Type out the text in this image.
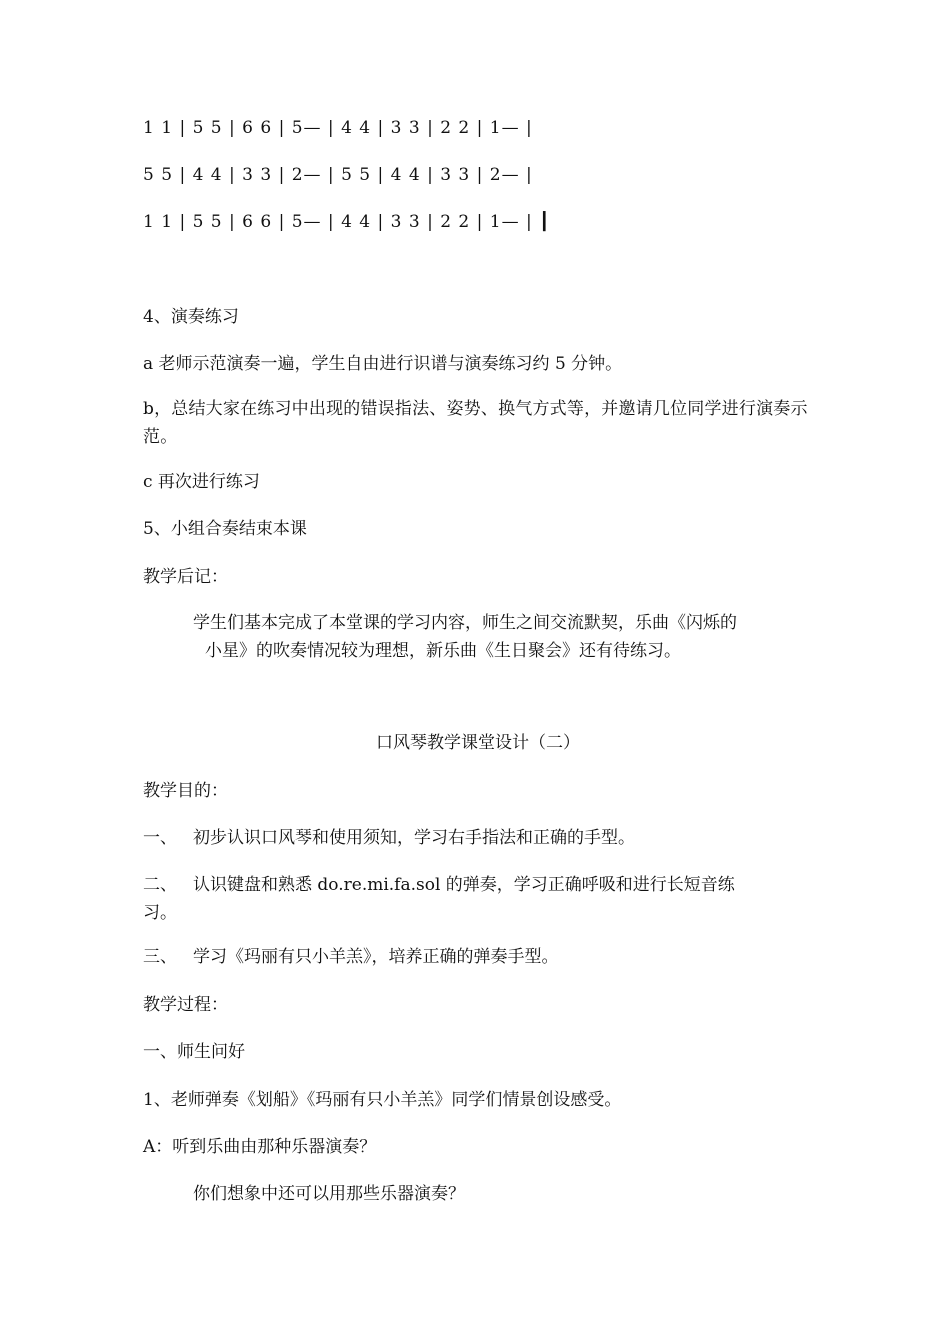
1 1 | 5 5 | 6 6 | 5— | 4 4 | 3 3 | 2 2 | 1— |
5 5 | 4 4 | 3 3 | 2— | 5 5 | 4 4 | 3 3 | 2— |
1 1 | 5 5 | 6 6 | 5— | 4 4 | 3 3 | 2 2 | 1— | ┃
4、演奏练习
a 老师示范演奏一遍，学生自由进行识谱与演奏练习约 5 分钟。
b，总结大家在练习中出现的错误指法、姿势、换气方式等，并邀请几位同学进行演奏示范。
c 再次进行练习
5、小组合奏结束本课
教学后记：
学生们基本完成了本堂课的学习内容，师生之间交流默契，乐曲《闪烁的
小星》的吹奏情况较为理想，新乐曲《生日聚会》还有待练习。
口风琴教学课堂设计（二）
教学目的：
一、 初步认识口风琴和使用须知，学习右手指法和正确的手型。
二、 认识键盘和熟悉 do.re.mi.fa.sol 的弹奏，学习正确呼吸和进行长短音练
习。
三、 学习《玛丽有只小羊羔》，培养正确的弹奏手型。
教学过程：
一、师生问好
1、老师弹奏《划船》《玛丽有只小羊羔》同学们情景创设感受。
A：听到乐曲由那种乐器演奏？
你们想象中还可以用那些乐器演奏？
